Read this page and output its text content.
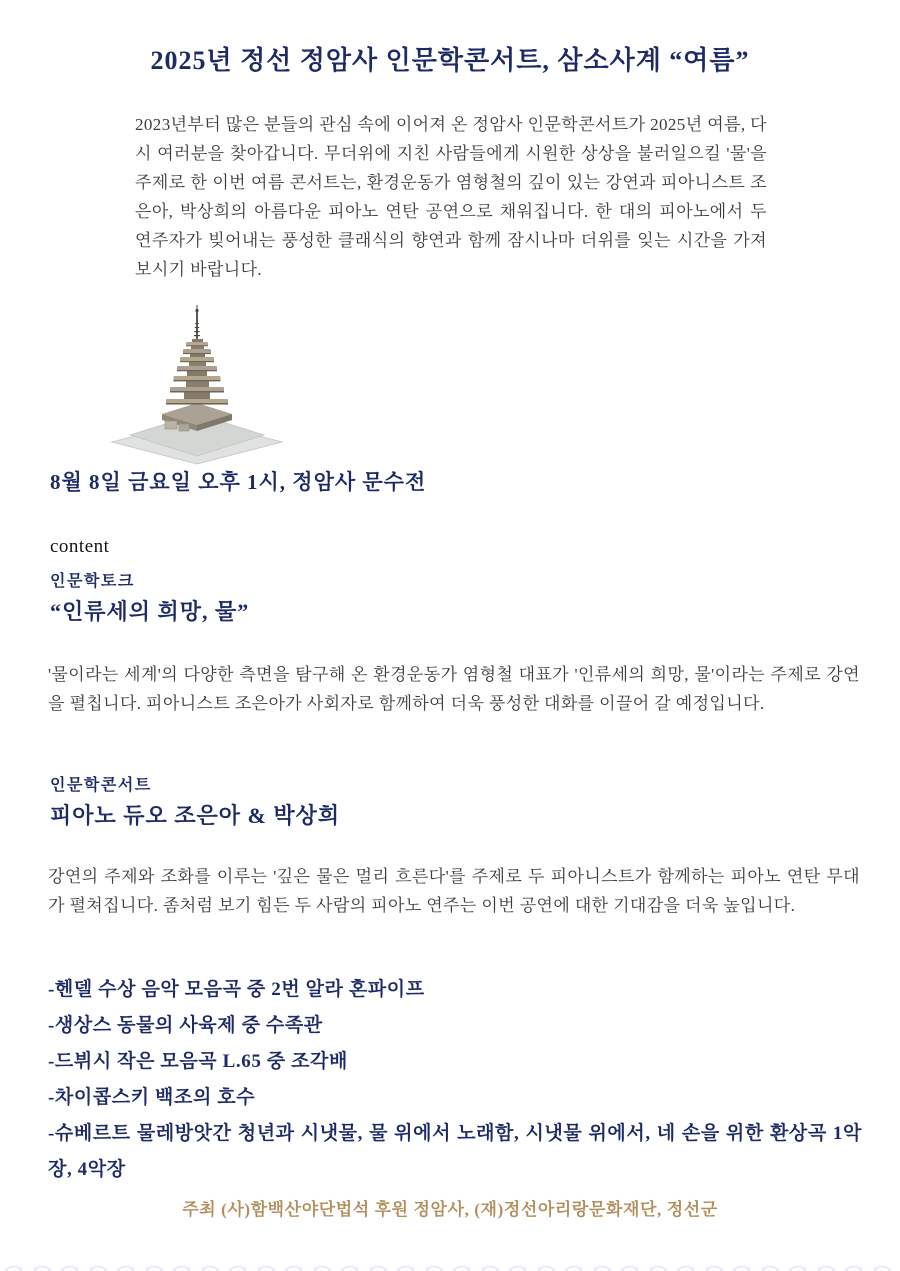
2025년 정선 정암사 인문학콘서트, 삼소사계 “여름”
2023년부터 많은 분들의 관심 속에 이어져 온 정암사 인문학콘서트가 2025년 여름, 다시 여러분을 찾아갑니다. 무더위에 지친 사람들에게 시원한 상상을 불러일으킬 '물'을 주제로 한 이번 여름 콘서트는, 환경운동가 염형철의 깊이 있는 강연과 피아니스트 조은아, 박상희의 아름다운 피아노 연탄 공연으로 채워집니다. 한 대의 피아노에서 두 연주자가 빚어내는 풍성한 클래식의 향연과 함께 잠시나마 더위를 잊는 시간을 가져보시기 바랍니다.
8월 8일 금요일 오후 1시, 정암사 문수전
content
인문학토크
“인류세의 희망, 물”
'물이라는 세계'의 다양한 측면을 탐구해 온 환경운동가 염형철 대표가 '인류세의 희망, 물'이라는 주제로 강연을 펼칩니다. 피아니스트 조은아가 사회자로 함께하여 더욱 풍성한 대화를 이끌어 갈 예정입니다.
인문학콘서트
피아노 듀오 조은아 & 박상희
강연의 주제와 조화를 이루는 '깊은 물은 멀리 흐른다'를 주제로 두 피아니스트가 함께하는 피아노 연탄 무대가 펼쳐집니다. 좀처럼 보기 힘든 두 사람의 피아노 연주는 이번 공연에 대한 기대감을 더욱 높입니다.
-헨델 수상 음악 모음곡 중 2번 알라 혼파이프
-생상스 동물의 사육제 중 수족관
-드뷔시 작은 모음곡 L.65 중 조각배
-차이콥스키 백조의 호수
-슈베르트 물레방앗간 청년과 시냇물, 물 위에서 노래함, 시냇물 위에서, 네 손을 위한 환상곡 1악장, 4악장
주최 (사)함백산야단법석 후원 정암사, (재)정선아리랑문화재단, 정선군
